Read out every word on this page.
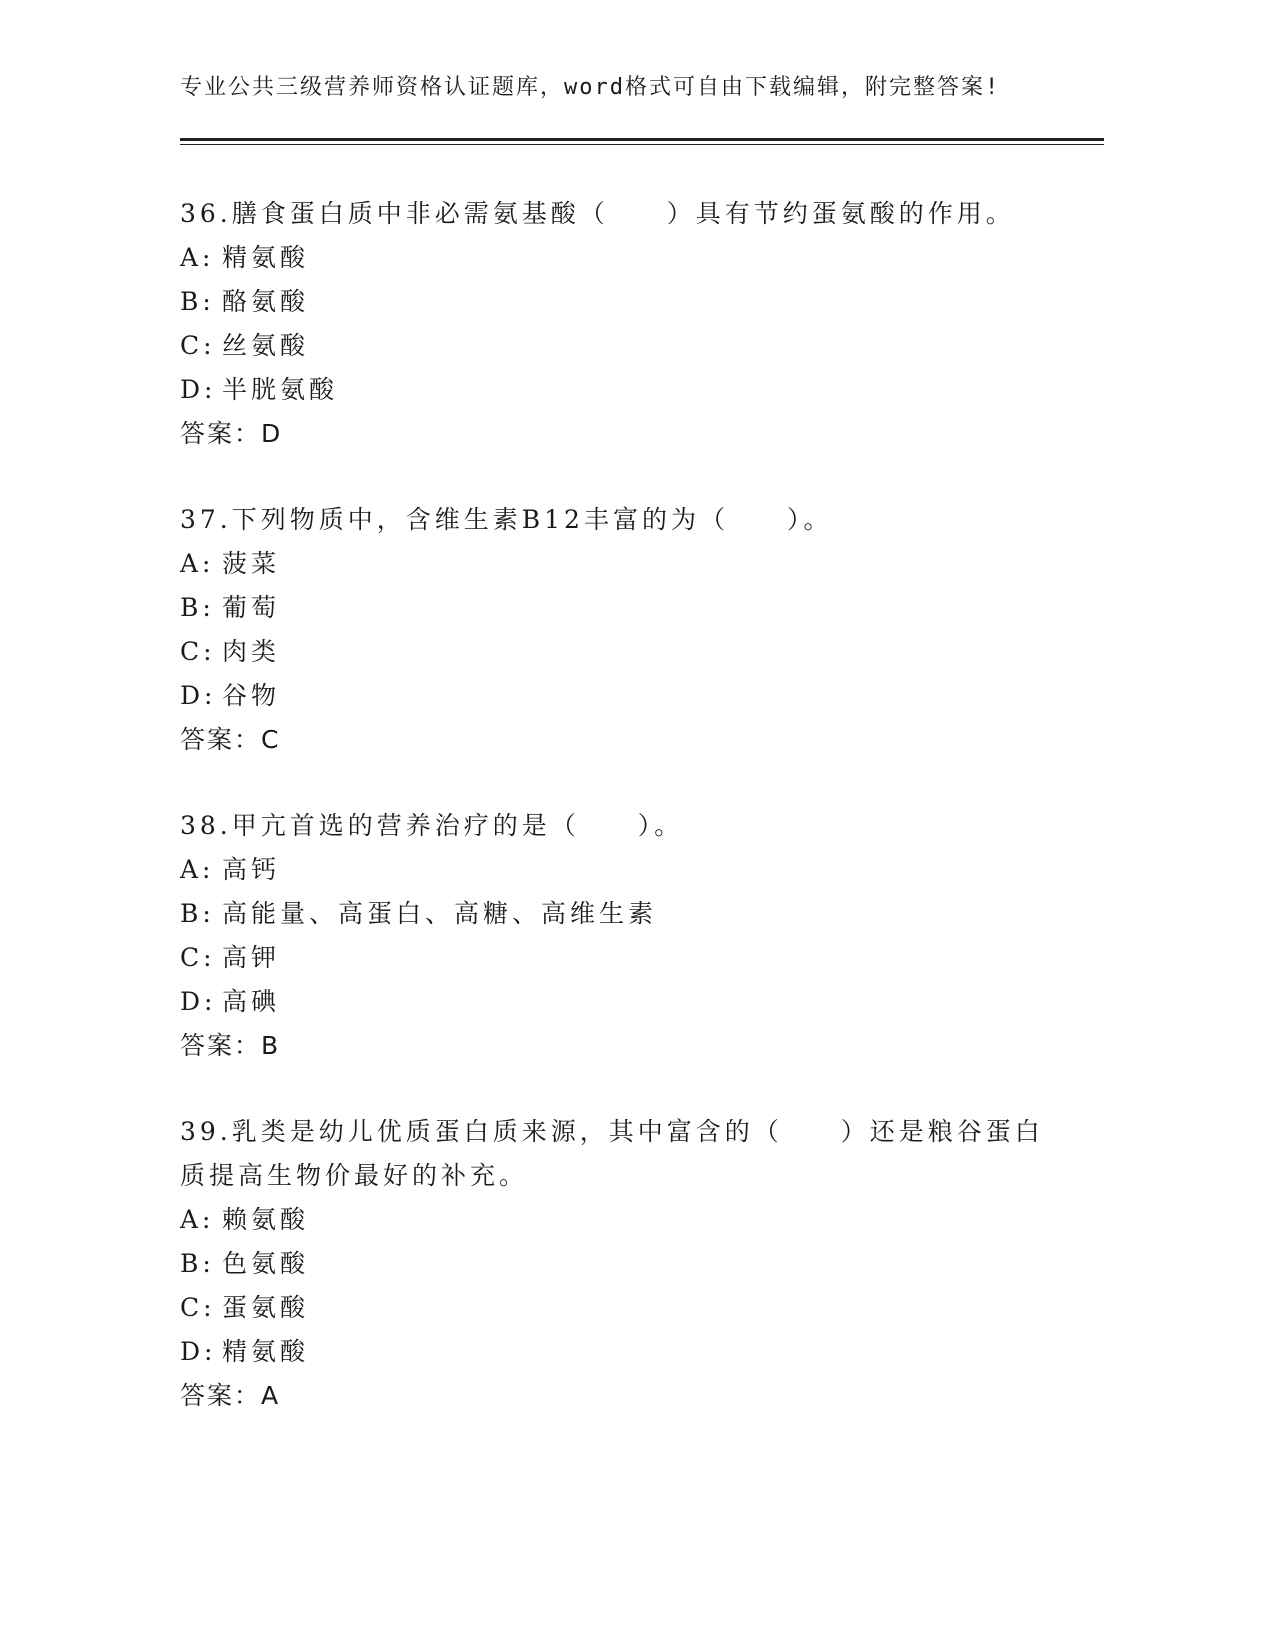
专业公共三级营养师资格认证题库，word格式可自由下载编辑，附完整答案!
36.膳食蛋白质中非必需氨基酸（　　）具有节约蛋氨酸的作用。
A: 精氨酸
B: 酪氨酸
C: 丝氨酸
D: 半胱氨酸
答案：D
37.下列物质中，含维生素B12丰富的为（　　）。
A: 菠菜
B: 葡萄
C: 肉类
D: 谷物
答案：C
38.甲亢首选的营养治疗的是（　　）。
A: 高钙
B: 高能量、高蛋白、高糖、高维生素
C: 高钾
D: 高碘
答案：B
39.乳类是幼儿优质蛋白质来源，其中富含的（　　）还是粮谷蛋白质提高生物价最好的补充。
A: 赖氨酸
B: 色氨酸
C: 蛋氨酸
D: 精氨酸
答案：A
